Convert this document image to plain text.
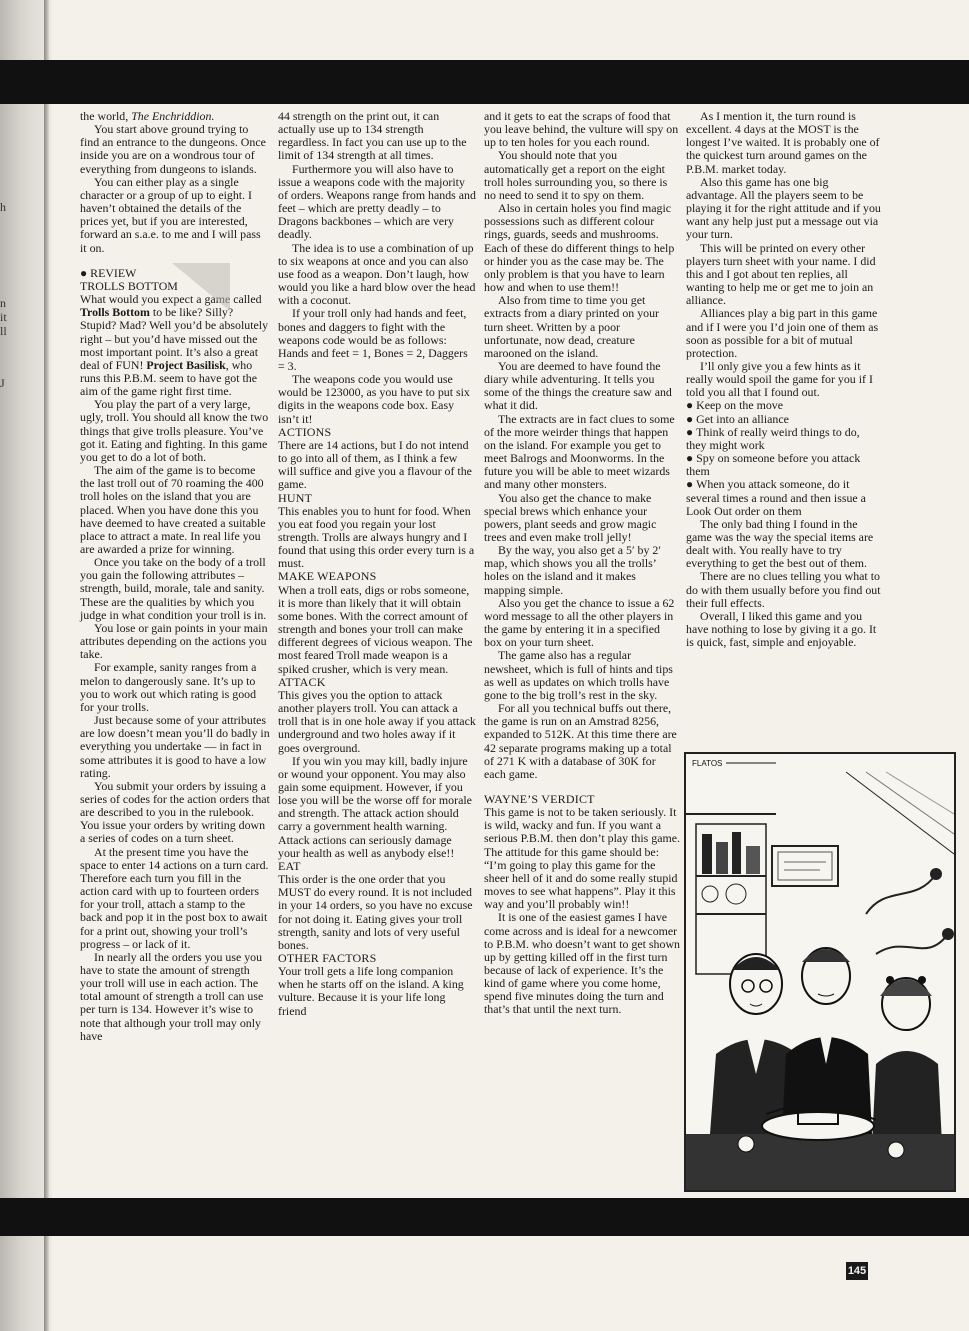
h
n
it
ll
J

the world, The Enchriddion.

You start above ground trying to find an entrance to the dungeons. Once inside you are on a wondrous tour of everything from dungeons to islands.

You can either play as a single character or a group of up to eight. I haven’t obtained the details of the prices yet, but if you are interested, forward an s.a.e. to me and I will pass it on.

● REVIEW
TROLLS BOTTOM

What would you expect a game called Trolls Bottom to be like? Silly? Stupid? Mad? Well you’d be absolutely right – but you’d have missed out the most important point. It’s also a great deal of FUN! Project Basilisk, who runs this P.B.M. seem to have got the aim of the game right first time.

You play the part of a very large, ugly, troll. You should all know the two things that give trolls pleasure. You’ve got it. Eating and fighting. In this game you get to do a lot of both.

The aim of the game is to become the last troll out of 70 roaming the 400 troll holes on the island that you are placed. When you have done this you have deemed to have created a suitable place to attract a mate. In real life you are awarded a prize for winning.

Once you take on the body of a troll you gain the following attributes – strength, build, morale, tale and sanity. These are the qualities by which you judge in what condition your troll is in.

You lose or gain points in your main attributes depending on the actions you take.

For example, sanity ranges from a melon to dangerously sane. It’s up to you to work out which rating is good for your trolls.

Just because some of your attributes are low doesn’t mean you’ll do badly in everything you undertake — in fact in some attributes it is good to have a low rating.

You submit your orders by issuing a series of codes for the action orders that are described to you in the rulebook. You issue your orders by writing down a series of codes on a turn sheet.

At the present time you have the space to enter 14 actions on a turn card. Therefore each turn you fill in the action card with up to fourteen orders for your troll, attach a stamp to the back and pop it in the post box to await for a print out, showing your troll’s progress – or lack of it.

In nearly all the orders you use you have to state the amount of strength your troll will use in each action. The total amount of strength a troll can use per turn is 134. However it’s wise to note that although your troll may only have

44 strength on the print out, it can actually use up to 134 strength regardless. In fact you can use up to the limit of 134 strength at all times.

Furthermore you will also have to issue a weapons code with the majority of orders. Weapons range from hands and feet – which are pretty deadly – to Dragons backbones – which are very deadly.

The idea is to use a combination of up to six weapons at once and you can also use food as a weapon. Don’t laugh, how would you like a hard blow over the head with a coconut.

If your troll only had hands and feet, bones and daggers to fight with the weapons code would be as follows: Hands and feet = 1, Bones = 2, Daggers = 3.

The weapons code you would use would be 123000, as you have to put six digits in the weapons code box. Easy isn’t it!

ACTIONS

There are 14 actions, but I do not intend to go into all of them, as I think a few will suffice and give you a flavour of the game.

HUNT

This enables you to hunt for food. When you eat food you regain your lost strength. Trolls are always hungry and I found that using this order every turn is a must.

MAKE WEAPONS

When a troll eats, digs or robs someone, it is more than likely that it will obtain some bones. With the correct amount of strength and bones your troll can make different degrees of vicious weapon. The most feared Troll made weapon is a spiked crusher, which is very mean.

ATTACK

This gives you the option to attack another players troll. You can attack a troll that is in one hole away if you attack underground and two holes away if it goes overground.

If you win you may kill, badly injure or wound your opponent. You may also gain some equipment. However, if you lose you will be the worse off for morale and strength. The attack action should carry a government health warning. Attack actions can seriously damage your health as well as anybody else!!

EAT

This order is the one order that you MUST do every round. It is not included in your 14 orders, so you have no excuse for not doing it. Eating gives your troll strength, sanity and lots of very useful bones.

OTHER FACTORS

Your troll gets a life long companion when he starts off on the island. A king vulture. Because it is your life long friend

and it gets to eat the scraps of food that you leave behind, the vulture will spy on up to ten holes for you each round.

You should note that you automatically get a report on the eight troll holes surrounding you, so there is no need to send it to spy on them.

Also in certain holes you find magic possessions such as different colour rings, guards, seeds and mushrooms. Each of these do different things to help or hinder you as the case may be. The only problem is that you have to learn how and when to use them!!

Also from time to time you get extracts from a diary printed on your turn sheet. Written by a poor unfortunate, now dead, creature marooned on the island.

You are deemed to have found the diary while adventuring. It tells you some of the things the creature saw and what it did.

The extracts are in fact clues to some of the more weirder things that happen on the island. For example you get to meet Balrogs and Moonworms. In the future you will be able to meet wizards and many other monsters.

You also get the chance to make special brews which enhance your powers, plant seeds and grow magic trees and even make troll jelly!

By the way, you also get a 5′ by 2′ map, which shows you all the trolls’ holes on the island and it makes mapping simple.

Also you get the chance to issue a 62 word message to all the other players in the game by entering it in a specified box on your turn sheet.

The game also has a regular newsheet, which is full of hints and tips as well as updates on which trolls have gone to the big troll’s rest in the sky.

For all you technical buffs out there, the game is run on an Amstrad 8256, expanded to 512K. At this time there are 42 separate programs making up a total of 271 K with a database of 30K for each game.

WAYNE’S VERDICT

This game is not to be taken seriously. It is wild, wacky and fun. If you want a serious P.B.M. then don’t play this game. The attitude for this game should be: “I’m going to play this game for the sheer hell of it and do some really stupid moves to see what happens”. Play it this way and you’ll probably win!!

It is one of the easiest games I have come across and is ideal for a newcomer to P.B.M. who doesn’t want to get shown up by getting killed off in the first turn because of lack of experience. It’s the kind of game where you come home, spend five minutes doing the turn and that’s that until the next turn.

As I mention it, the turn round is excellent. 4 days at the MOST is the longest I’ve waited. It is probably one of the quickest turn around games on the P.B.M. market today.

Also this game has one big advantage. All the players seem to be playing it for the right attitude and if you want any help just put a message out via your turn.

This will be printed on every other players turn sheet with your name. I did this and I got about ten replies, all wanting to help me or get me to join an alliance.

Alliances play a big part in this game and if I were you I’d join one of them as soon as possible for a bit of mutual protection.

I’ll only give you a few hints as it really would spoil the game for you if I told you all that I found out.

● Keep on the move

● Get into an alliance

● Think of really weird things to do, they might work

● Spy on someone before you attack them

● When you attack someone, do it several times a round and then issue a Look Out order on them

The only bad thing I found in the game was the way the special items are dealt with. You really have to try everything to get the best out of them.

There are no clues telling you what to do with them usually before you find out their full effects.

Overall, I liked this game and you have nothing to lose by giving it a go. It is quick, fast, simple and enjoyable.

FLATOS
145
